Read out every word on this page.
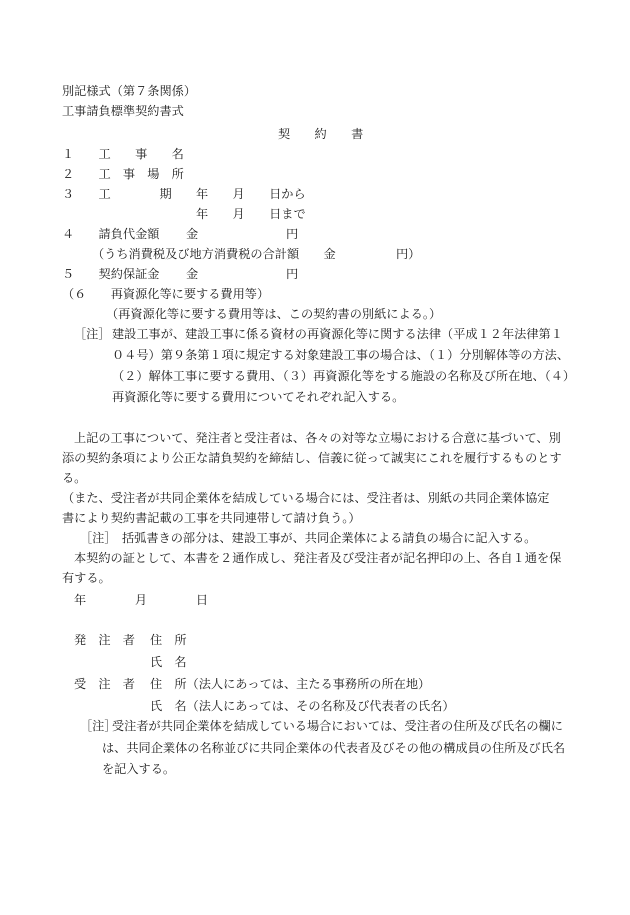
別記様式（第７条関係）

工事請負標準契約書式

契　　約　　書

１　　工　　事　　名

２　　工　事　場　所

３　　工　　　　期 年　　月　　日から

年　　月　　日まで

４　　請負代金額 金	円

（うち消費税及び地方消費税の合計額　　金	円）

５　　契約保証金 金	円

（６　　再資源化等に要する費用等）

（再資源化等に要する費用等は、この契約書の別紙による。）

［注］ 建設工事が、建設工事に係る資材の再資源化等に関する法律（平成１２年法律第１

０４号）第９条第１項に規定する対象建設工事の場合は、（１）分別解体等の方法、

（２）解体工事に要する費用、（３）再資源化等をする施設の名称及び所在地、（４）

再資源化等に要する費用についてそれぞれ記入する。

上記の工事について、発注者と受注者は、各々の対等な立場における合意に基づいて、別

添の契約条項により公正な請負契約を締結し、信義に従って誠実にこれを履行するものとす

る。

（また、受注者が共同企業体を結成している場合には、受注者は、別紙の共同企業体協定

書により契約書記載の工事を共同連帯して請け負う。）

［注］ 括弧書きの部分は、建設工事が、共同企業体による請負の場合に記入する。

本契約の証として、本書を２通作成し、発注者及び受注者が記名押印の上、各自１通を保

有する。

年　　　　月　　　　日

発　注　者 住　所

氏　名

受　注　者 住　所（法人にあっては、主たる事務所の所在地）

氏　名（法人にあっては、その名称及び代表者の氏名）

［注］

受注者が共同企業体を結成している場合においては、受注者の住所及び氏名の欄に

は、共同企業体の名称並びに共同企業体の代表者及びその他の構成員の住所及び氏名

を記入する。
